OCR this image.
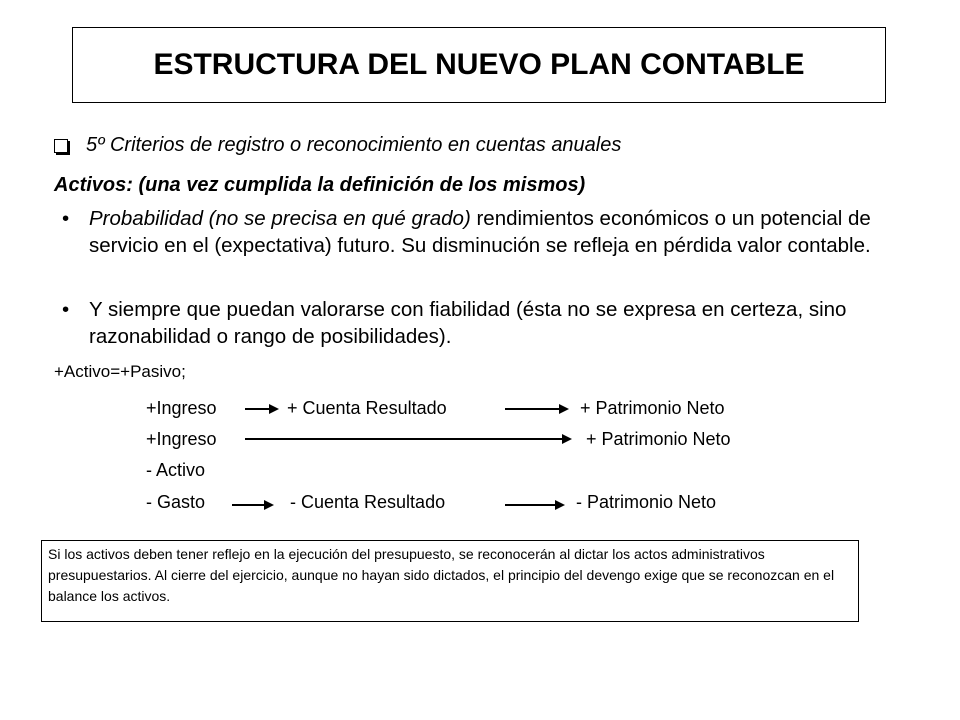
ESTRUCTURA DEL NUEVO PLAN CONTABLE
5º Criterios de registro o reconocimiento en cuentas anuales
Activos: (una vez cumplida la definición de los mismos)
• Probabilidad (no se precisa en qué grado) rendimientos económicos o un potencial de servicio en el (expectativa) futuro. Su disminución se refleja en pérdida valor contable.
• Y siempre que puedan valorarse con fiabilidad (ésta no se expresa en certeza, sino razonabilidad o rango de posibilidades).
+Activo=+Pasivo;
+Ingreso	+ Cuenta Resultado	+ Patrimonio Neto
+Ingreso	+ Patrimonio Neto
- Activo
- Gasto	- Cuenta Resultado	- Patrimonio Neto
Si los activos deben tener reflejo en la ejecución del presupuesto, se reconocerán al dictar los actos administrativos presupuestarios. Al cierre del ejercicio, aunque no hayan sido dictados, el principio del devengo exige que se reconozcan en el balance los activos.
